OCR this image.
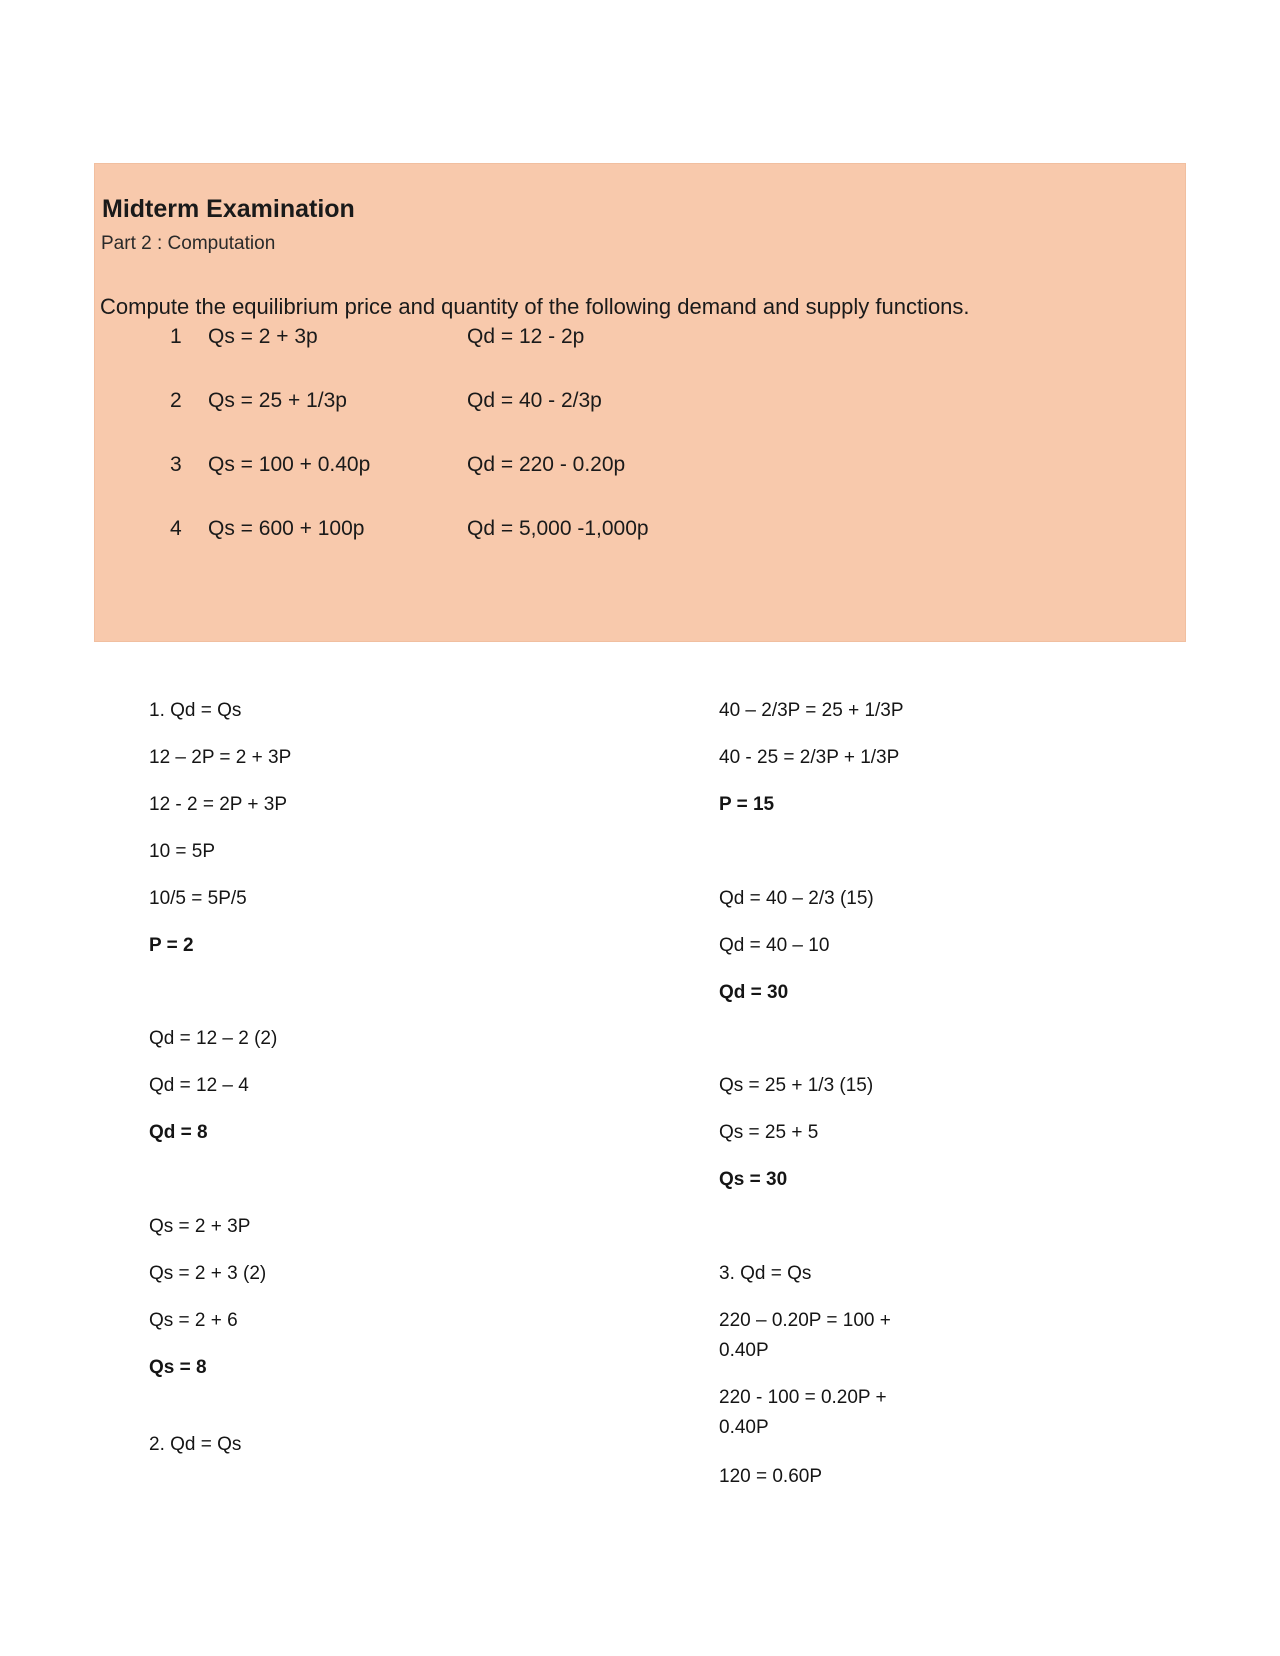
Midterm Examination
Part 2 : Computation
Compute the equilibrium price and quantity of the following demand and supply functions.
1 Qs = 2 + 3p	Qd = 12 - 2p
2 Qs = 25 + 1/3p	Qd = 40 - 2/3p
3 Qs = 100 + 0.40p	Qd = 220 - 0.20p
4 Qs = 600 + 100p	Qd = 5,000 -1,000p
1. Qd = Qs
12 – 2P = 2 + 3P
12 - 2 = 2P + 3P
10 = 5P
10/5 = 5P/5
P = 2
Qd = 12 – 2 (2)
Qd = 12 – 4
Qd = 8
Qs = 2 + 3P
Qs = 2 + 3 (2)
Qs = 2 + 6
Qs = 8
2. Qd = Qs
40 – 2/3P = 25 + 1/3P
40 - 25 = 2/3P + 1/3P
P = 15
Qd = 40 – 2/3 (15)
Qd = 40 – 10
Qd = 30
Qs = 25 + 1/3 (15)
Qs = 25 + 5
Qs = 30
3. Qd = Qs
220 – 0.20P = 100 + 0.40P
220 - 100 = 0.20P + 0.40P
120 = 0.60P
